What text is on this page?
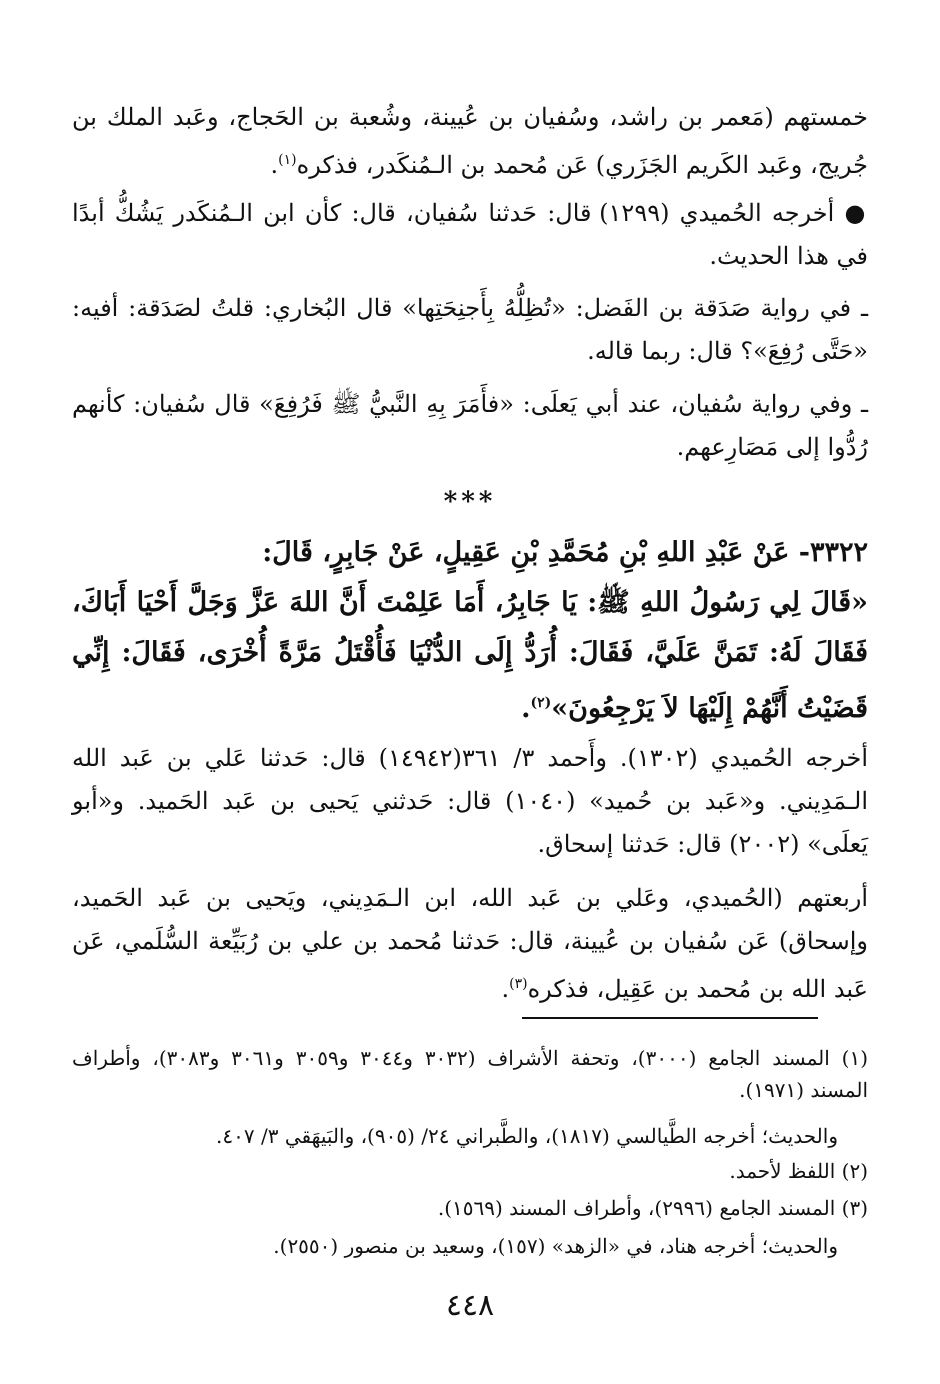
خمستهم (مَعمر بن راشد، وسُفيان بن عُيينة، وشُعبة بن الحَجاج، وعَبد الملك بن جُريج، وعَبد الكَريم الجَزَري) عَن مُحمد بن الـمُنكَدر، فذكره$^{(١)}$.
● أخرجه الحُميدي (١٢٩٩) قال: حَدثنا سُفيان، قال: كأن ابن الـمُنكَدر يَشُكُّ أبدًا في هذا الحديث.
ـ في رواية صَدَقة بن الفَضل: «تُظِلُّهُ بِأَجنِحَتِها» قال البُخاري: قلتُ لصَدَقة: أفيه: «حَتَّى رُفِعَ»؟ قال: ربما قاله.
ـ وفي رواية سُفيان، عند أبي يَعلَى: «فأَمَرَ بِهِ النَّبيُّ ﷺ فَرُفِعَ» قال سُفيان: كأنهم رُدُّوا إلى مَصَارِعهم.
***
٣٣٢٢- عَنْ عَبْدِ اللهِ بْنِ مُحَمَّدِ بْنِ عَقِيلٍ، عَنْ جَابِرٍ، قَالَ:
«قَالَ لِي رَسُولُ اللهِ ﷺ: يَا جَابِرُ، أَمَا عَلِمْتَ أَنَّ اللهَ عَزَّ وَجَلَّ أَحْيَا أَبَاكَ، فَقَالَ لَهُ: تَمَنَّ عَلَيَّ، فَقَالَ: أُرَدُّ إِلَى الدُّنْيَا فَأُقْتَلُ مَرَّةً أُخْرَى، فَقَالَ: إِنِّي قَضَيْتُ أَنَّهُمْ إِلَيْهَا لاَ يَرْجِعُونَ»$^{(٢)}$.
أخرجه الحُميدي (١٣٠٢). وأَحمد ٣/ ٣٦١(١٤٩٤٢) قال: حَدثنا عَلي بن عَبد الله الـمَدِيني. و«عَبد بن حُميد» (١٠٤٠) قال: حَدثني يَحيى بن عَبد الحَميد. و«أبو يَعلَى» (٢٠٠٢) قال: حَدثنا إسحاق.
أربعتهم (الحُميدي، وعَلي بن عَبد الله، ابن الـمَدِيني، ويَحيى بن عَبد الحَميد، وإسحاق) عَن سُفيان بن عُيينة، قال: حَدثنا مُحمد بن علي بن رُبَيِّعة السُّلَمي، عَن عَبد الله بن مُحمد بن عَقِيل، فذكره$^{(٣)}$.
(١) المسند الجامع (٣٠٠٠)، وتحفة الأشراف (٣٠٣٢ و٣٠٤٤ و٣٠٥٩ و٣٠٦١ و٣٠٨٣)، وأطراف المسند (١٩٧١).
والحديث؛ أخرجه الطَّيالسي (١٨١٧)، والطَّبراني ٢٤/ (٩٠٥)، والبَيهَقي ٣/ ٤٠٧.
(٢) اللفظ لأحمد.
(٣) المسند الجامع (٢٩٩٦)، وأطراف المسند (١٥٦٩).
والحديث؛ أخرجه هناد، في «الزهد» (١٥٧)، وسعيد بن منصور (٢٥٥٠).
٤٤٨
